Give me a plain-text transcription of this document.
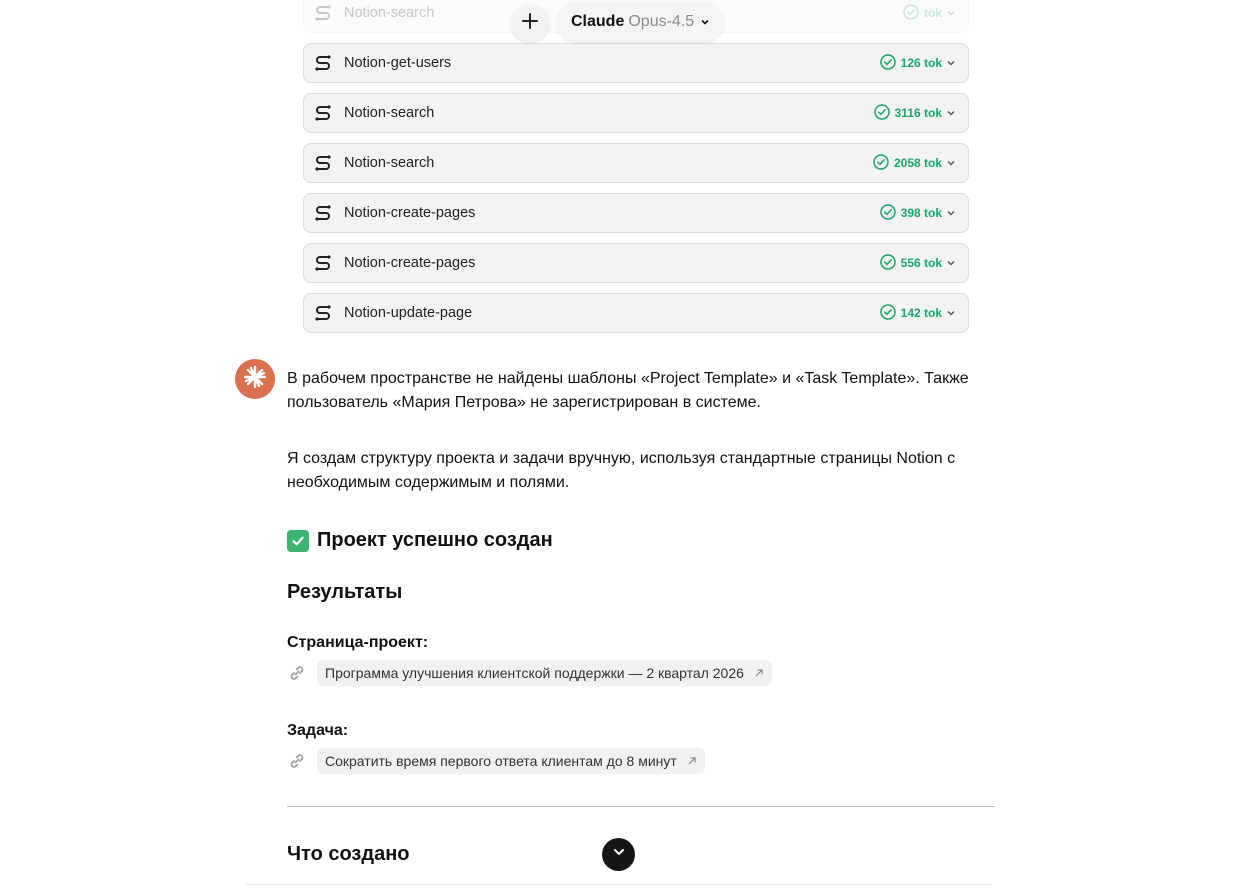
Notion-search	tok
Notion-get-users	126 tok
Notion-search	3116 tok
Notion-search	2058 tok
Notion-create-pages	398 tok
Notion-create-pages	556 tok
Notion-update-page	142 tok
Claude Opus-4.5
В рабочем пространстве не найдены шаблоны «Project Template» и «Task Template». Также пользователь «Мария Петрова» не зарегистрирован в системе.
Я создам структуру проекта и задачи вручную, используя стандартные страницы Notion с необходимым содержимым и полями.
Проект успешно создан
Результаты
Страница-проект:
Программа улучшения клиентской поддержки — 2 квартал 2026
Задача:
Сократить время первого ответа клиентам до 8 минут
Что создано
